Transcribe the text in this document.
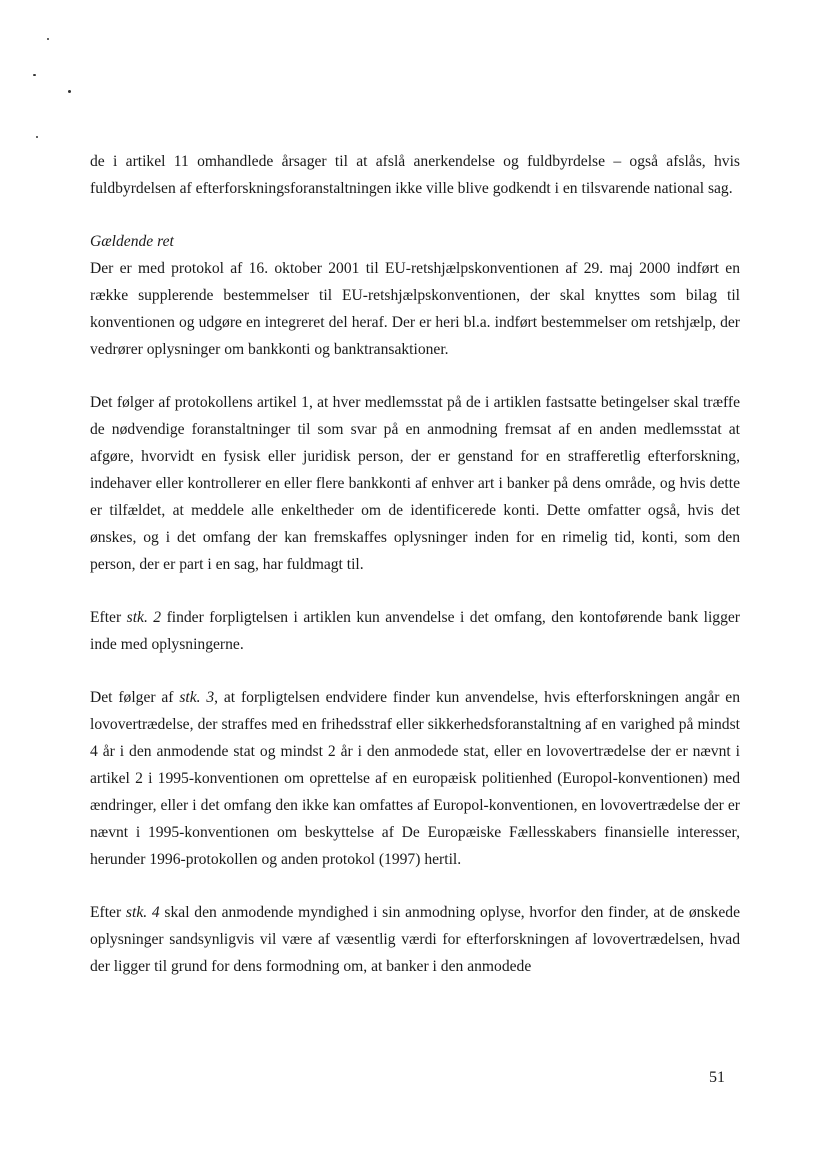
de i artikel 11 omhandlede årsager til at afslå anerkendelse og fuldbyrdelse – også afslås, hvis fuldbyrdelsen af efterforskningsforanstaltningen ikke ville blive godkendt i en tilsvarende national sag.

Gældende ret

Der er med protokol af 16. oktober 2001 til EU-retshjælpskonventionen af 29. maj 2000 indført en række supplerende bestemmelser til EU-retshjælpskonventionen, der skal knyttes som bilag til konventionen og udgøre en integreret del heraf. Der er heri bl.a. indført bestemmelser om retshjælp, der vedrører oplysninger om bankkonti og banktransaktioner.

Det følger af protokollens artikel 1, at hver medlemsstat på de i artiklen fastsatte betingelser skal træffe de nødvendige foranstaltninger til som svar på en anmodning fremsat af en anden medlemsstat at afgøre, hvorvidt en fysisk eller juridisk person, der er genstand for en strafferetlig efterforskning, indehaver eller kontrollerer en eller flere bankkonti af enhver art i banker på dens område, og hvis dette er tilfældet, at meddele alle enkeltheder om de identificerede konti. Dette omfatter også, hvis det ønskes, og i det omfang der kan fremskaffes oplysninger inden for en rimelig tid, konti, som den person, der er part i en sag, har fuldmagt til.

Efter stk. 2 finder forpligtelsen i artiklen kun anvendelse i det omfang, den kontoførende bank ligger inde med oplysningerne.

Det følger af stk. 3, at forpligtelsen endvidere finder kun anvendelse, hvis efterforskningen angår en lovovertrædelse, der straffes med en frihedsstraf eller sikkerhedsforanstaltning af en varighed på mindst 4 år i den anmodende stat og mindst 2 år i den anmodede stat, eller en lovovertrædelse der er nævnt i artikel 2 i 1995-konventionen om oprettelse af en europæisk politienhed (Europol-konventionen) med ændringer, eller i det omfang den ikke kan omfattes af Europol-konventionen, en lovovertrædelse der er nævnt i 1995-konventionen om beskyttelse af De Europæiske Fællesskabers finansielle interesser, herunder 1996-protokollen og anden protokol (1997) hertil.

Efter stk. 4 skal den anmodende myndighed i sin anmodning oplyse, hvorfor den finder, at de ønskede oplysninger sandsynligvis vil være af væsentlig værdi for efterforskningen af lovovertrædelsen, hvad der ligger til grund for dens formodning om, at banker i den anmodede

51
